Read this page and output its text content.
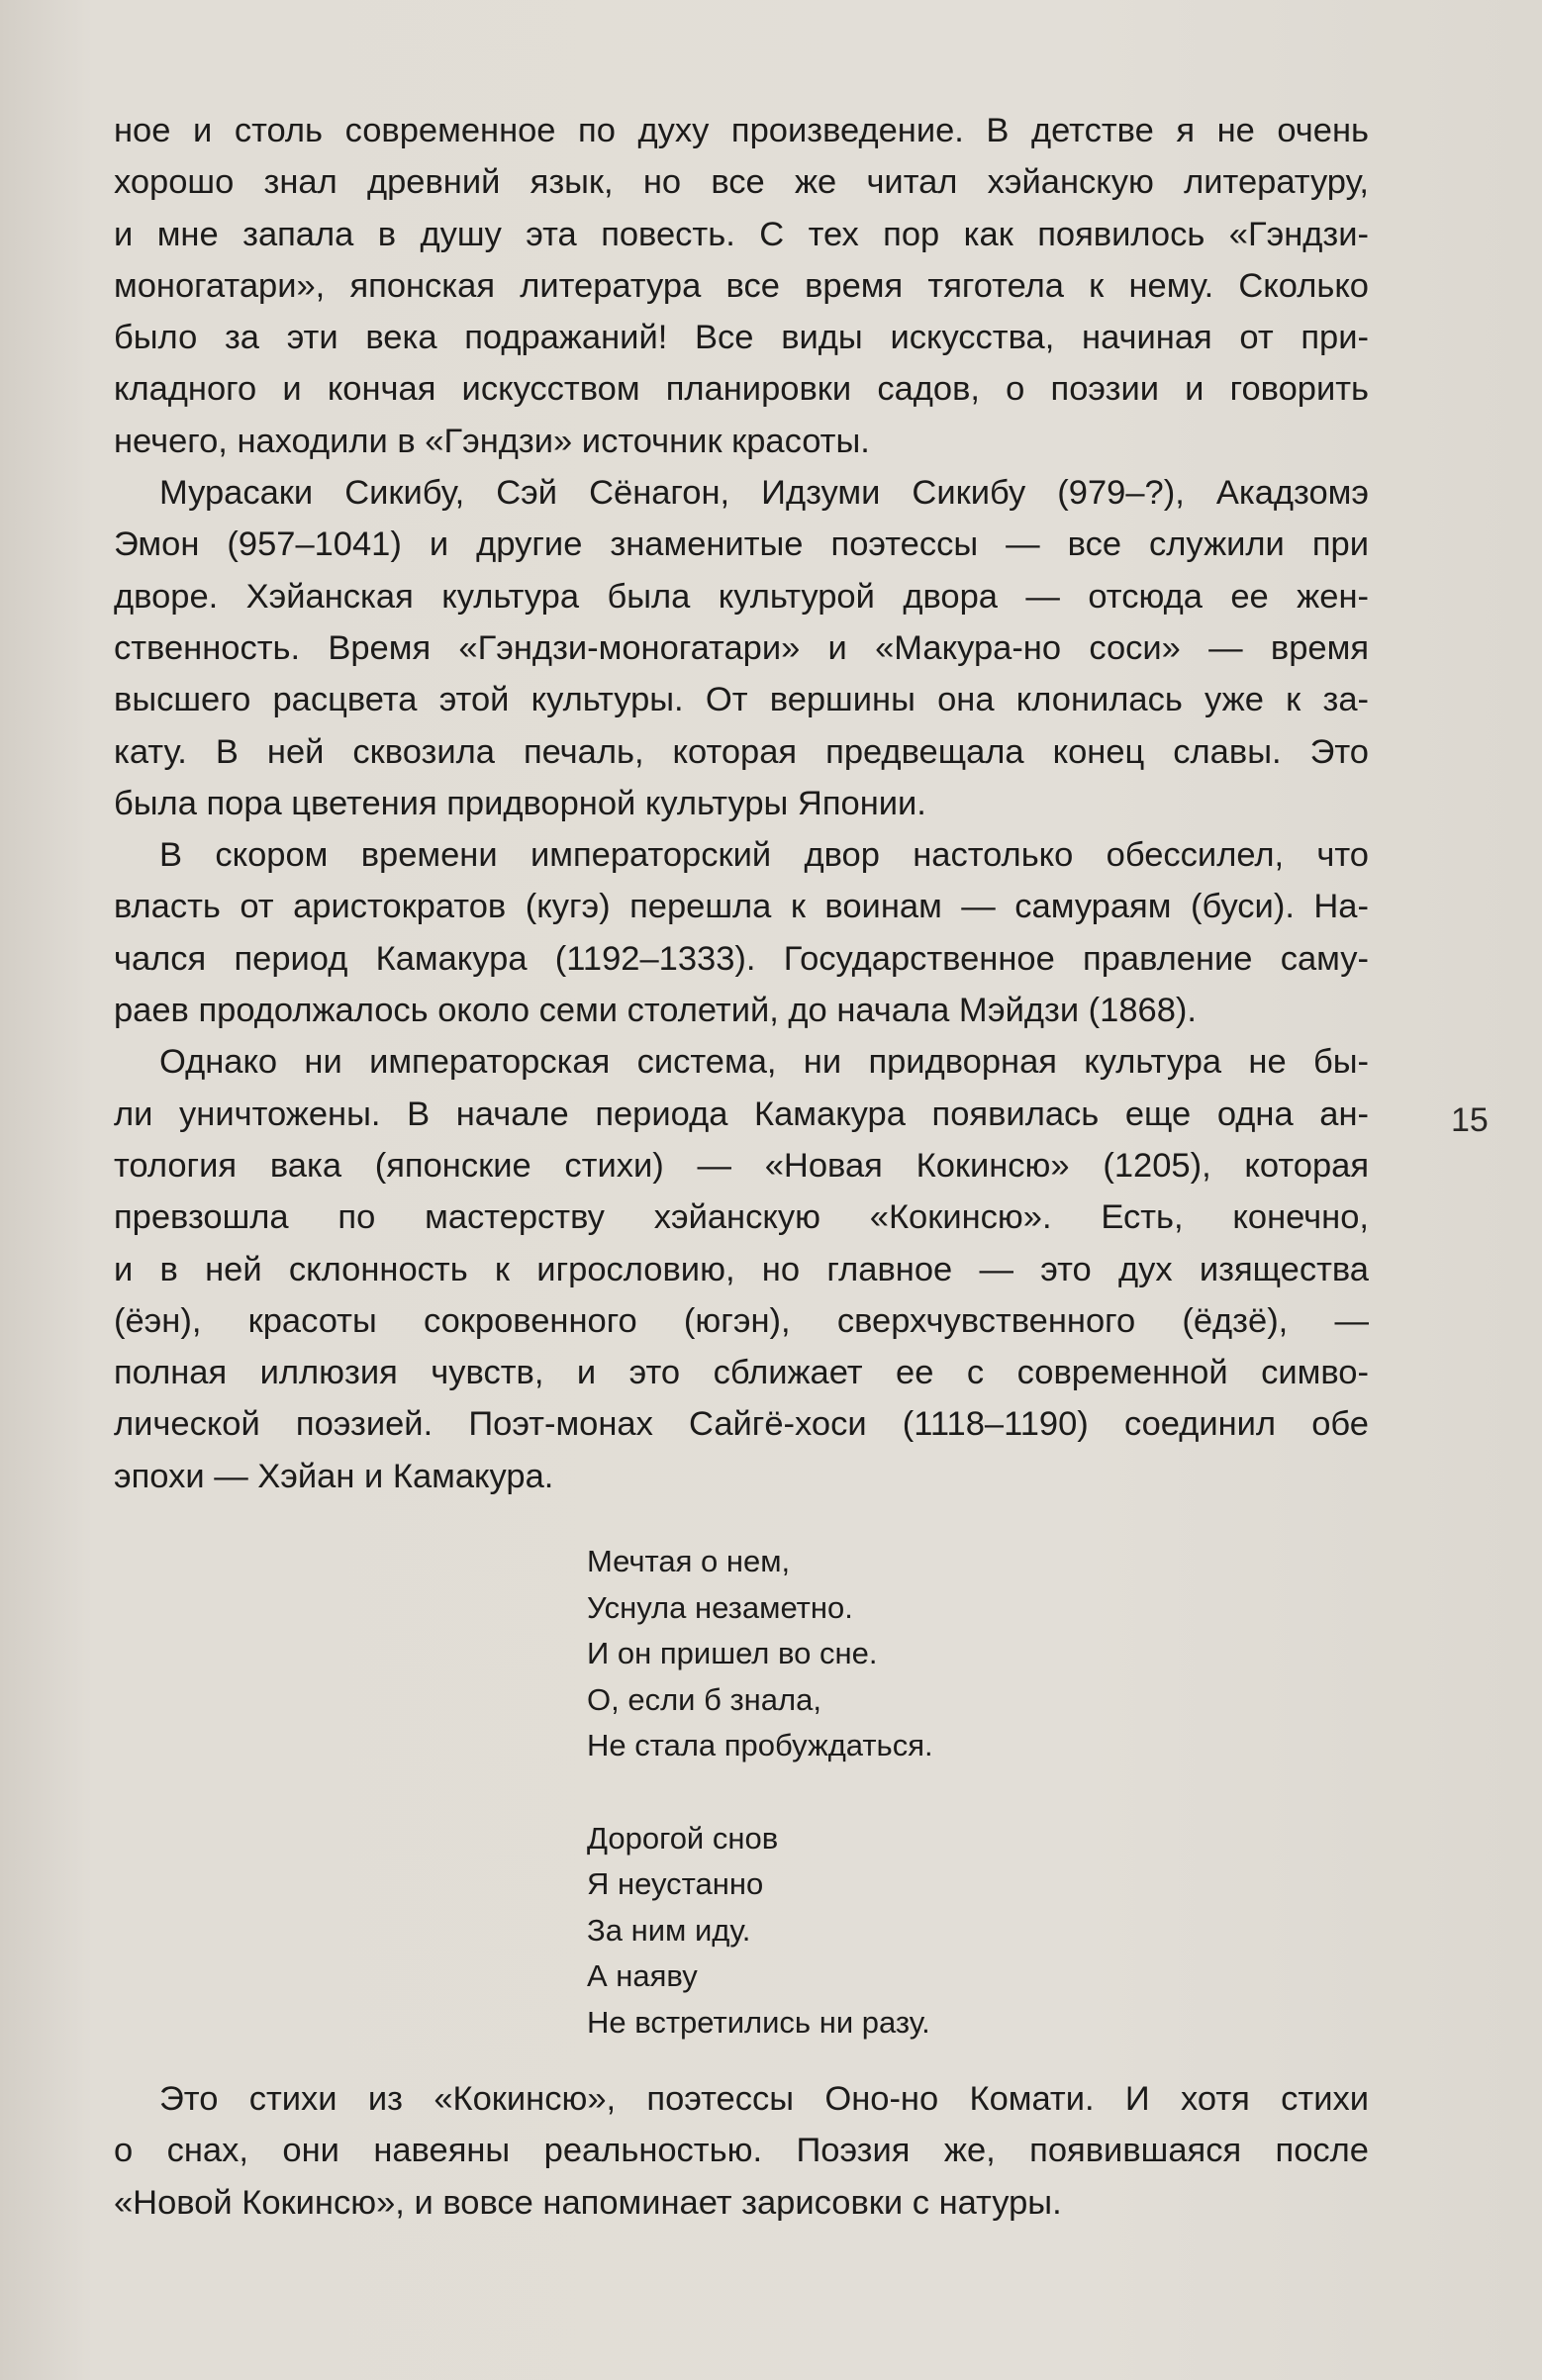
ное и столь современное по духу произведение. В детстве я не очень
хорошо знал древний язык, но все же читал хэйанскую литературу,
и мне запала в душу эта повесть. С тех пор как появилось «Гэндзи-
моногатари», японская литература все время тяготела к нему. Сколько
было за эти века подражаний! Все виды искусства, начиная от при-
кладного и кончая искусством планировки садов, о поэзии и говорить
нечего, находили в «Гэндзи» источник красоты.

Мурасаки Сикибу, Сэй Сёнагон, Идзуми Сикибу (979–?), Акадзомэ
Эмон (957–1041) и другие знаменитые поэтессы — все служили при
дворе. Хэйанская культура была культурой двора — отсюда ее жен-
ственность. Время «Гэндзи-моногатари» и «Макура-но соси» — время
высшего расцвета этой культуры. От вершины она клонилась уже к за-
кату. В ней сквозила печаль, которая предвещала конец славы. Это
была пора цветения придворной культуры Японии.

В скором времени императорский двор настолько обессилел, что
власть от аристократов (кугэ) перешла к воинам — самураям (буси). На-
чался период Камакура (1192–1333). Государственное правление саму-
раев продолжалось около семи столетий, до начала Мэйдзи (1868).

Однако ни императорская система, ни придворная культура не бы-
ли уничтожены. В начале периода Камакура появилась еще одна ан-
тология вака (японские стихи) — «Новая Кокинсю» (1205), которая
превзошла по мастерству хэйанскую «Кокинсю». Есть, конечно,
и в ней склонность к игрословию, но главное — это дух изящества
(ёэн), красоты сокровенного (югэн), сверхчувственного (ёдзё), —
полная иллюзия чувств, и это сближает ее с современной симво-
лической поэзией. Поэт-монах Сайгё-хоси (1118–1190) соединил обе
эпохи — Хэйан и Камакура.

Мечтая о нем,
Уснула незаметно.
И он пришел во сне.
О, если б знала,
Не стала пробуждаться.
Дорогой снов
Я неустанно
За ним иду.
А наяву
Не встретились ни разу.

Это стихи из «Кокинсю», поэтессы Оно-но Комати. И хотя стихи
о снах, они навеяны реальностью. Поэзия же, появившаяся после
«Новой Кокинсю», и вовсе напоминает зарисовки с натуры.

15
